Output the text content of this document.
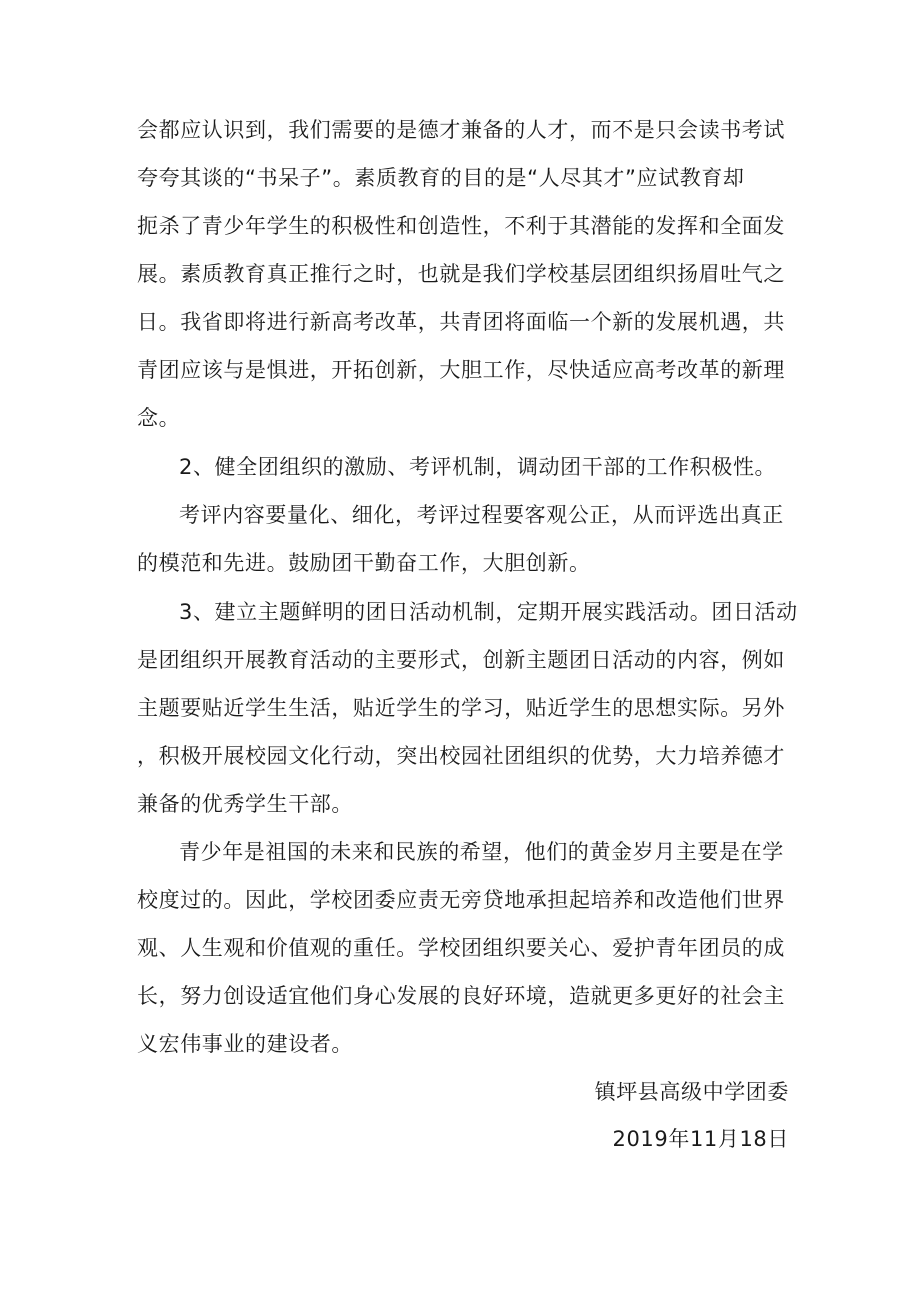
会都应认识到，我们需要的是德才兼备的人才，而不是只会读书考试
夸夸其谈的“书呆子”。素质教育的目的是“人尽其才”应试教育却
扼杀了青少年学生的积极性和创造性，不利于其潜能的发挥和全面发
展。素质教育真正推行之时，也就是我们学校基层团组织扬眉吐气之
日。我省即将进行新高考改革，共青团将面临一个新的发展机遇，共
青团应该与是惧进，开拓创新，大胆工作，尽快适应高考改革的新理
念。
2、健全团组织的激励、考评机制，调动团干部的工作积极性。
考评内容要量化、细化，考评过程要客观公正，从而评选出真正
的模范和先进。鼓励团干勤奋工作，大胆创新。
3、建立主题鲜明的团日活动机制，定期开展实践活动。团日活动
是团组织开展教育活动的主要形式，创新主题团日活动的内容，例如
主题要贴近学生生活，贴近学生的学习，贴近学生的思想实际。另外
，积极开展校园文化行动，突出校园社团组织的优势，大力培养德才
兼备的优秀学生干部。
青少年是祖国的未来和民族的希望，他们的黄金岁月主要是在学
校度过的。因此，学校团委应责无旁贷地承担起培养和改造他们世界
观、人生观和价值观的重任。学校团组织要关心、爱护青年团员的成
长，努力创设适宜他们身心发展的良好环境，造就更多更好的社会主
义宏伟事业的建设者。
镇坪县高级中学团委
2019年11月18日
